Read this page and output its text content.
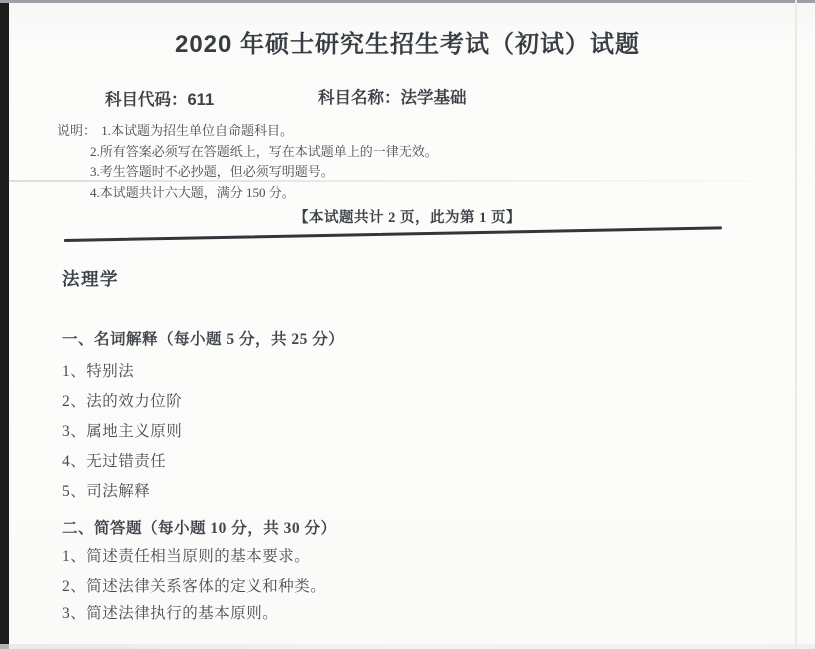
2020 年硕士研究生招生考试（初试）试题
科目代码：611	科目名称：法学基础
说明： 1.本试题为招生单位自命题科目。
2.所有答案必须写在答题纸上，写在本试题单上的一律无效。
3.考生答题时不必抄题，但必须写明题号。
4.本试题共计六大题，满分 150 分。
【本试题共计 2 页，此为第 1 页】
法理学
一、名词解释（每小题 5 分，共 25 分）
1、特别法
2、法的效力位阶
3、属地主义原则
4、无过错责任
5、司法解释
二、简答题（每小题 10 分，共 30 分）
1、简述责任相当原则的基本要求。
2、简述法律关系客体的定义和种类。
3、简述法律执行的基本原则。
